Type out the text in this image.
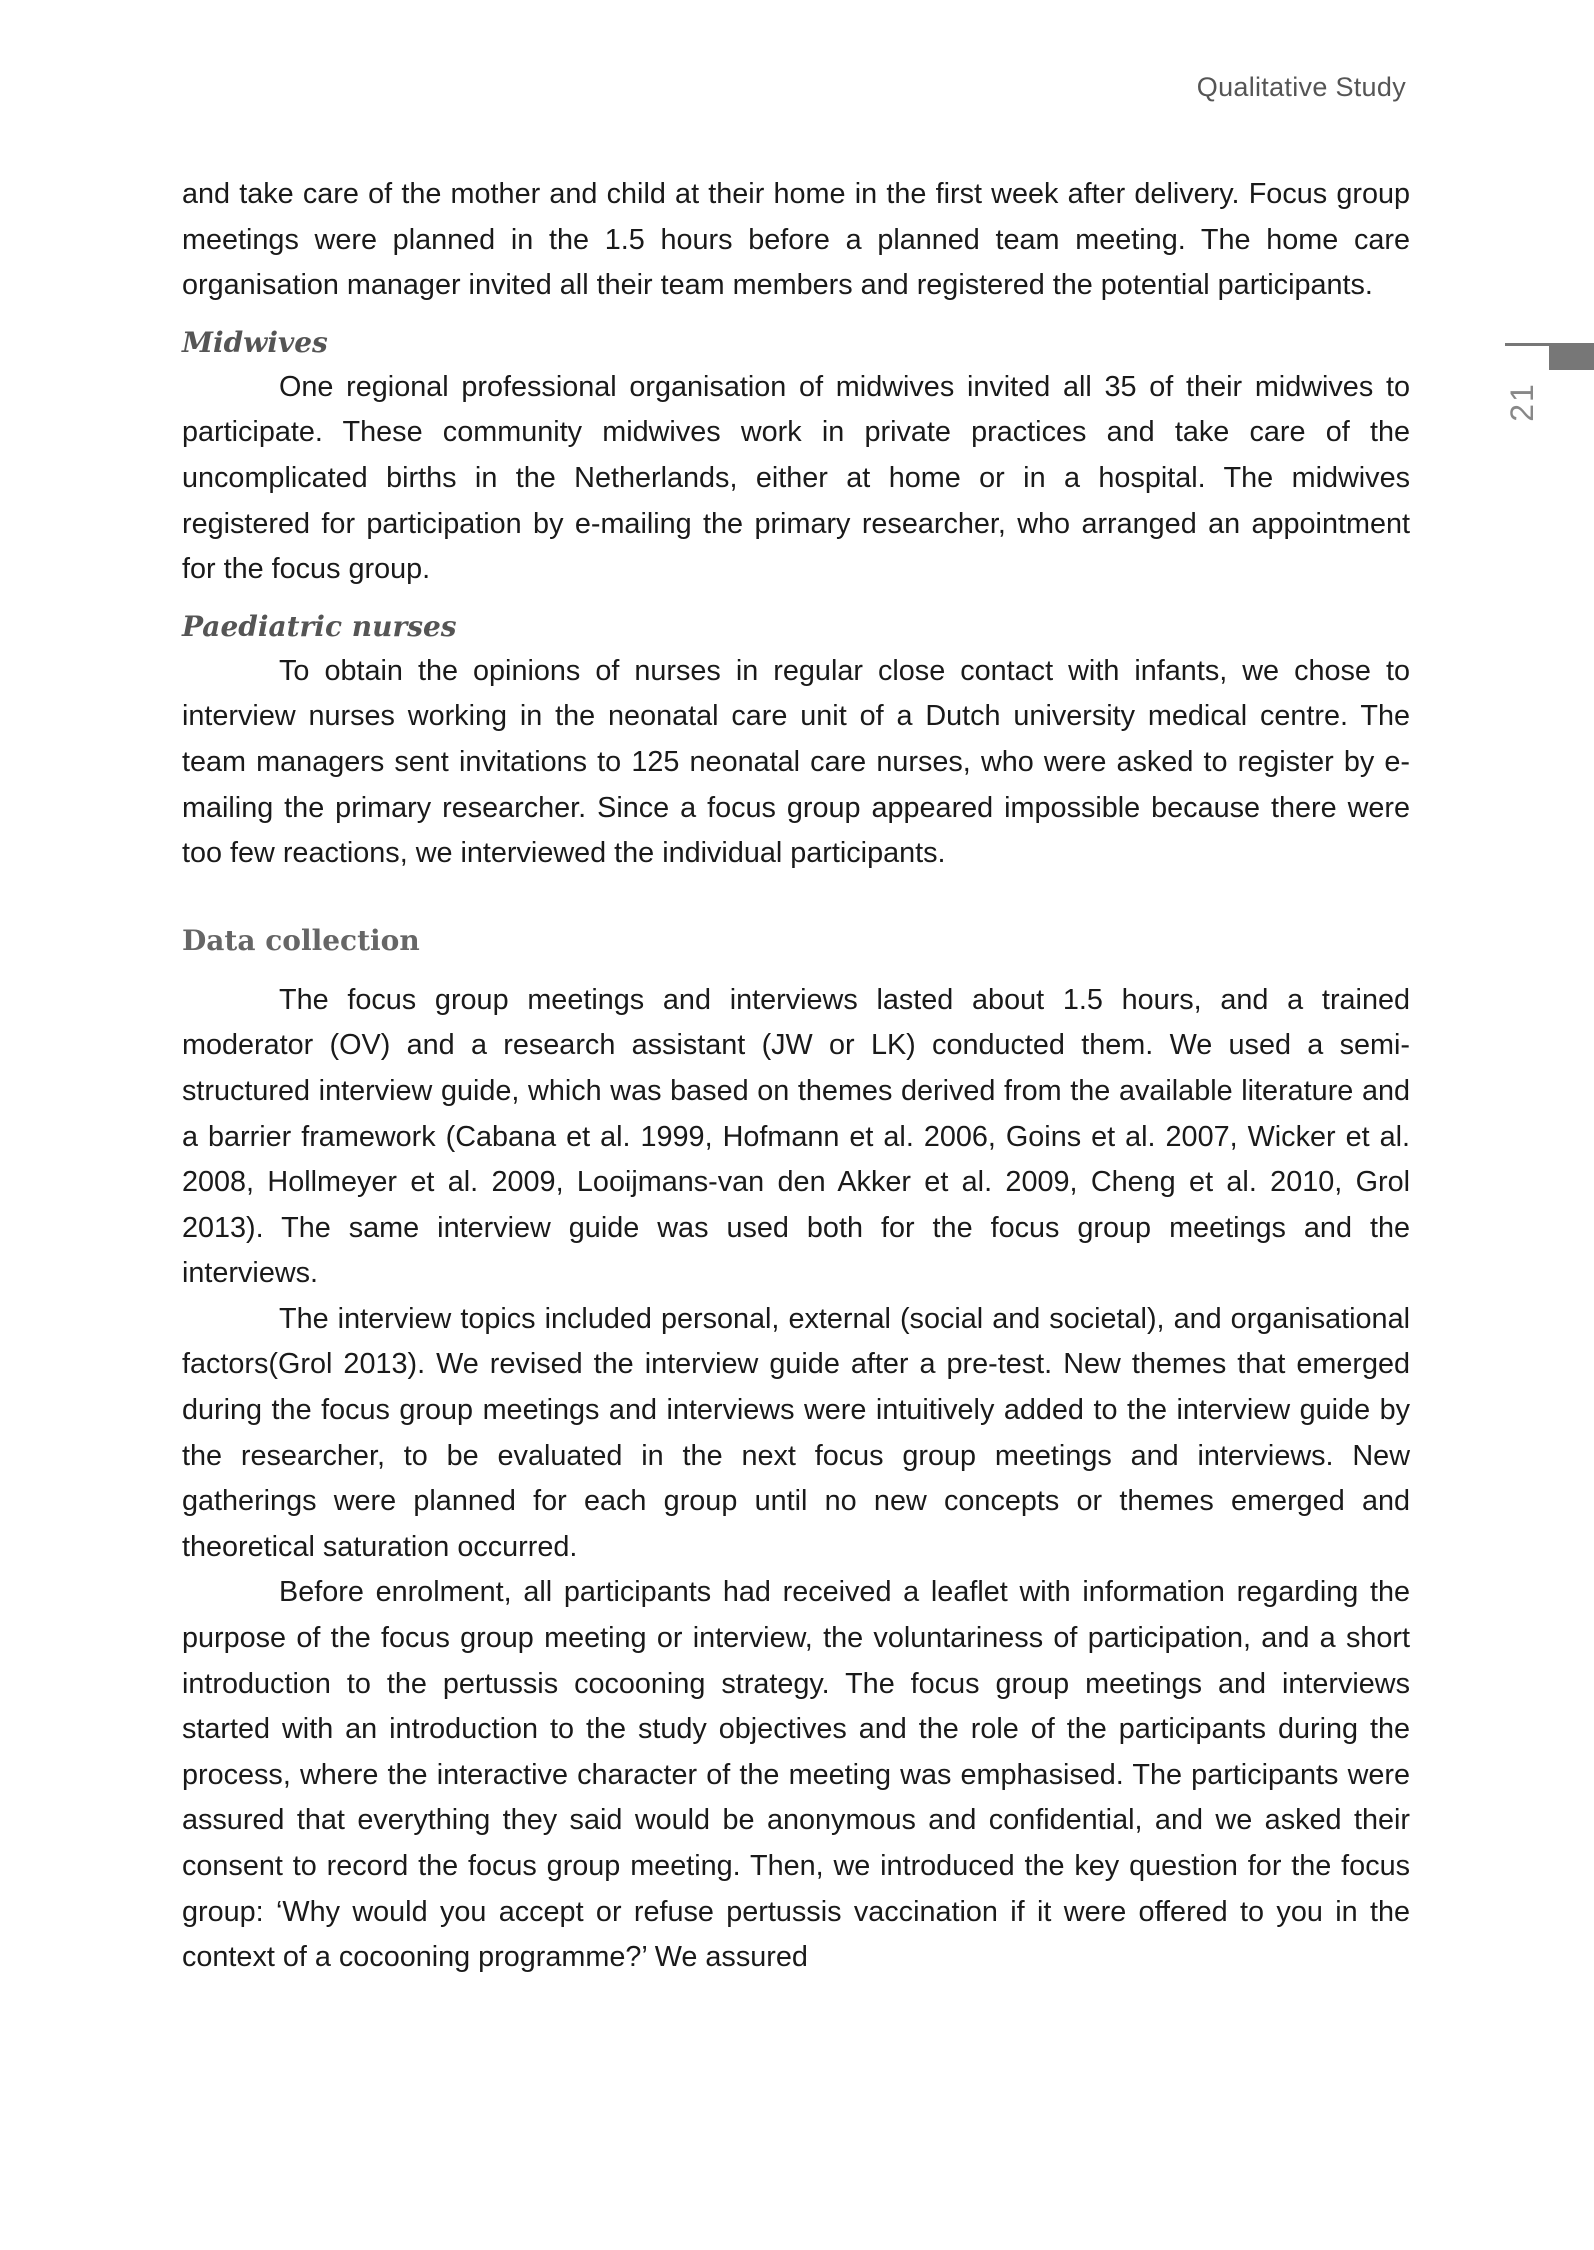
Qualitative Study
21

and take care of the mother and child at their home in the first week after delivery. Focus group meetings were planned in the 1.5 hours before a planned team meeting. The home care organisation manager invited all their team members and registered the potential participants.

Midwives

One regional professional organisation of midwives invited all 35 of their midwives to participate. These community midwives work in private practices and take care of the uncomplicated births in the Netherlands, either at home or in a hospital. The midwives registered for participation by e-mailing the primary researcher, who arranged an appointment for the focus group.

Paediatric nurses

To obtain the opinions of nurses in regular close contact with infants, we chose to interview nurses working in the neonatal care unit of a Dutch university medical centre. The team managers sent invitations to 125 neonatal care nurses, who were asked to register by e-mailing the primary researcher. Since a focus group appeared impossible because there were too few reactions, we interviewed the individual participants.

Data collection

The focus group meetings and interviews lasted about 1.5 hours, and a trained moderator (OV) and a research assistant (JW or LK) conducted them. We used a semi-structured interview guide, which was based on themes derived from the available literature and a barrier framework (Cabana et al. 1999, Hofmann et al. 2006, Goins et al. 2007, Wicker et al. 2008, Hollmeyer et al. 2009, Looijmans-van den Akker et al. 2009, Cheng et al. 2010, Grol 2013). The same interview guide was used both for the focus group meetings and the interviews.

The interview topics included personal, external (social and societal), and organisational factors(Grol 2013). We revised the interview guide after a pre-test. New themes that emerged during the focus group meetings and interviews were intuitively added to the interview guide by the researcher, to be evaluated in the next focus group meetings and interviews. New gatherings were planned for each group until no new concepts or themes emerged and theoretical saturation occurred.

Before enrolment, all participants had received a leaflet with information regarding the purpose of the focus group meeting or interview, the voluntariness of participation, and a short introduction to the pertussis cocooning strategy. The focus group meetings and interviews started with an introduction to the study objectives and the role of the participants during the process, where the interactive character of the meeting was emphasised. The participants were assured that everything they said would be anonymous and confidential, and we asked their consent to record the focus group meeting. Then, we introduced the key question for the focus group: ‘Why would you accept or refuse pertussis vaccination if it were offered to you in the context of a cocooning programme?’ We assured
